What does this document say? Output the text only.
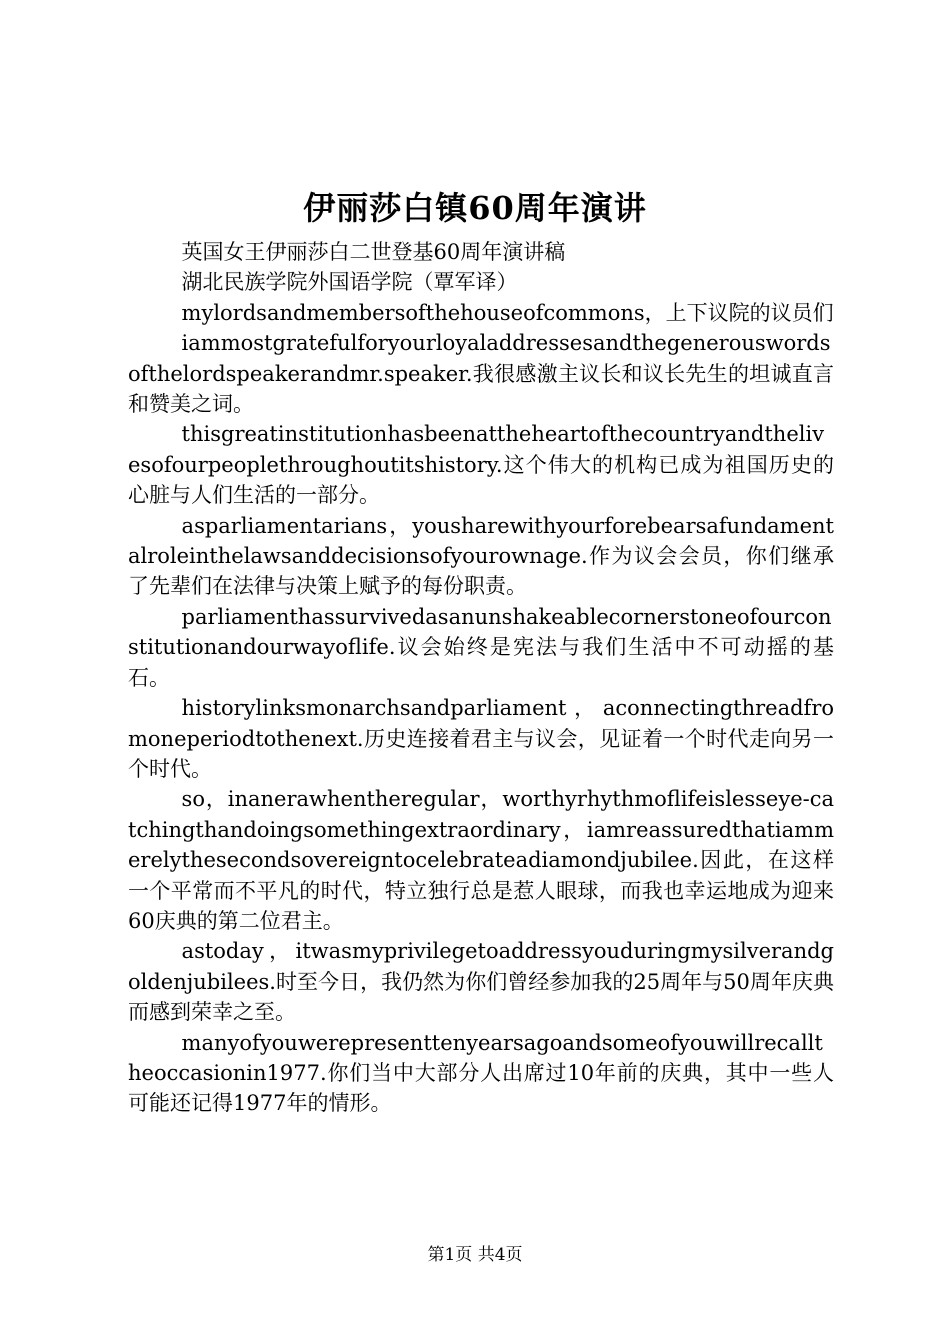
伊丽莎白镇60周年演讲

英国女王伊丽莎白二世登基60周年演讲稿

湖北民族学院外国语学院（覃军译）

mylordsandmembersofthehouseofcommons，上下议院的议员们

iammostgratefulforyourloyaladdressesandthegenerouswordsofthelordspeakerandmr.speaker.我很感激主议长和议长先生的坦诚直言和赞美之词。

thisgreatinstitutionhasbeenattheheartofthecountryandthelivesofourpeoplethroughoutitshistory.这个伟大的机构已成为祖国历史的心脏与人们生活的一部分。

asparliamentarians，yousharewithyourforebearsafundamentalroleinthelawsanddecisionsofyourownage.作为议会会员，你们继承了先辈们在法律与决策上赋予的每份职责。

parliamenthassurvivedasanunshakeablecornerstoneofourconstitutionandourwayoflife.议会始终是宪法与我们生活中不可动摇的基石。

historylinksmonarchsandparliament，aconnectingthreadfromoneperiodtothenext.历史连接着君主与议会，见证着一个时代走向另一个时代。

so，inanerawhentheregular，worthyrhythmoflifeislesseye-catchingthandoingsomethingextraordinary，iamreassuredthatiammerelythesecondsovereigntocelebrateadiamondjubilee.因此，在这样一个平常而不平凡的时代，特立独行总是惹人眼球，而我也幸运地成为迎来60庆典的第二位君主。

astoday，itwasmyprivilegetoaddressyouduringmysilverandgoldenjubilees.时至今日，我仍然为你们曾经参加我的25周年与50周年庆典而感到荣幸之至。

manyofyouwerepresenttenyearsagoandsomeofyouwillrecalltheoccasionin1977.你们当中大部分人出席过10年前的庆典，其中一些人可能还记得1977年的情形。

第1页 共4页
